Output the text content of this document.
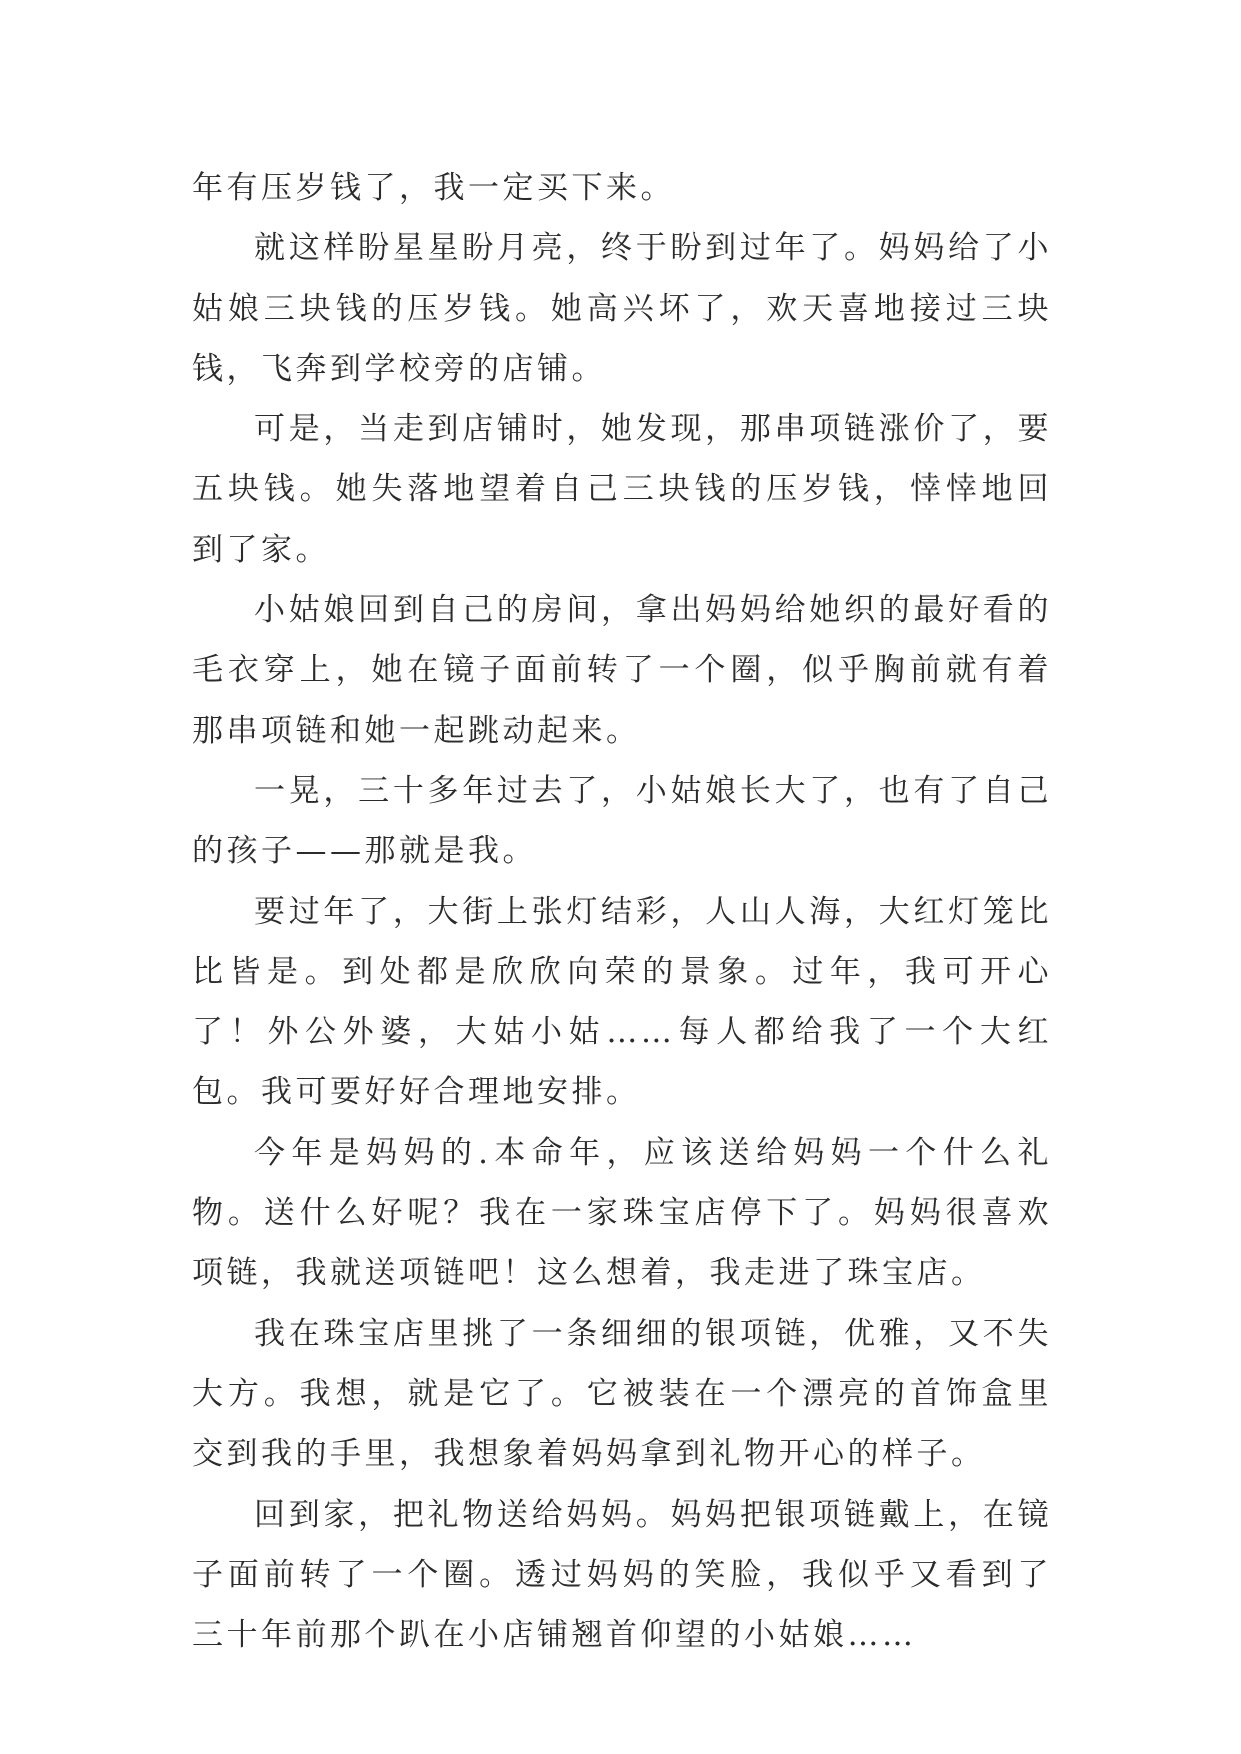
年有压岁钱了，我一定买下来。

就这样盼星星盼月亮，终于盼到过年了。妈妈给了小姑娘三块钱的压岁钱。她高兴坏了，欢天喜地接过三块钱，飞奔到学校旁的店铺。

可是，当走到店铺时，她发现，那串项链涨价了，要五块钱。她失落地望着自己三块钱的压岁钱，悻悻地回到了家。

小姑娘回到自己的房间，拿出妈妈给她织的最好看的毛衣穿上，她在镜子面前转了一个圈，似乎胸前就有着那串项链和她一起跳动起来。

一晃，三十多年过去了，小姑娘长大了，也有了自己的孩子——那就是我。

要过年了，大街上张灯结彩，人山人海，大红灯笼比比皆是。到处都是欣欣向荣的景象。过年，我可开心了！外公外婆，大姑小姑……每人都给我了一个大红包。我可要好好合理地安排。

今年是妈妈的.本命年，应该送给妈妈一个什么礼物。送什么好呢？我在一家珠宝店停下了。妈妈很喜欢项链，我就送项链吧！这么想着，我走进了珠宝店。

我在珠宝店里挑了一条细细的银项链，优雅，又不失大方。我想，就是它了。它被装在一个漂亮的首饰盒里交到我的手里，我想象着妈妈拿到礼物开心的样子。

回到家，把礼物送给妈妈。妈妈把银项链戴上，在镜子面前转了一个圈。透过妈妈的笑脸，我似乎又看到了三十年前那个趴在小店铺翘首仰望的小姑娘……
